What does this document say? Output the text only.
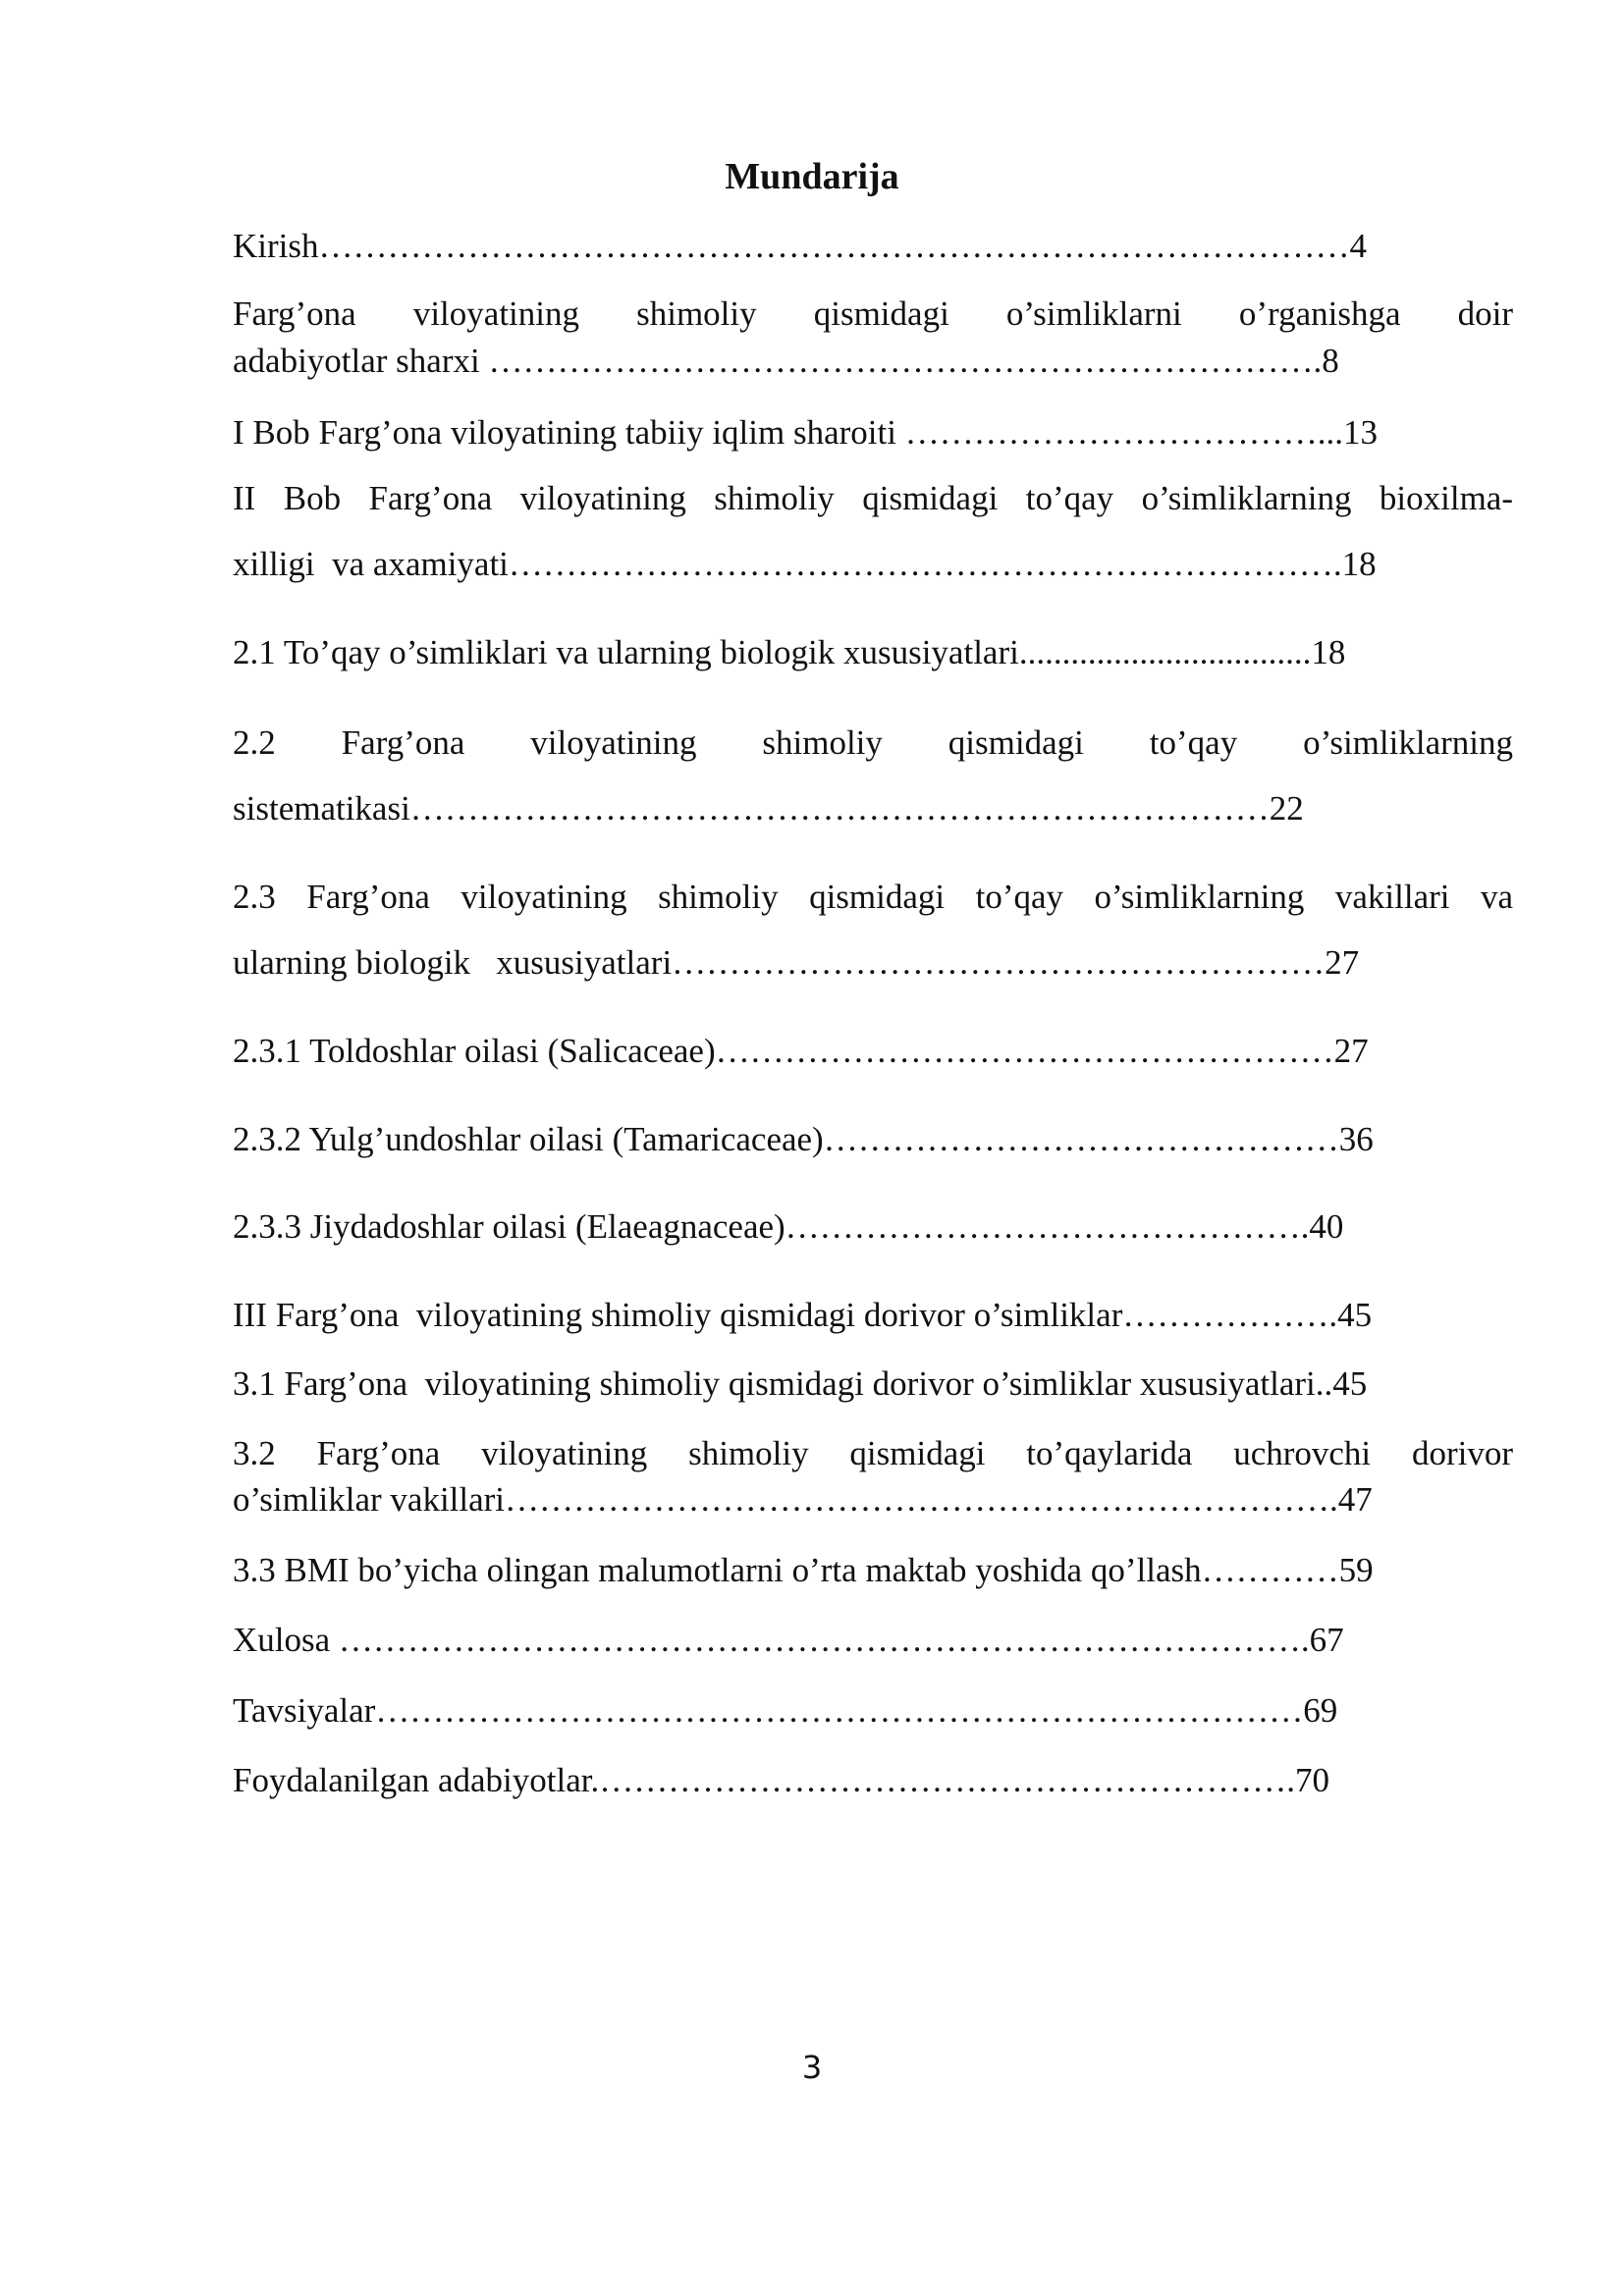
Mundarija
Kirish………………………………………………………………………………4
Farg’ona viloyatining shimoliy qismidagi o’simliklarni o’rganishga doir
adabiyotlar sharxi ……………………………………………………………….8
I Bob Farg’ona viloyatining tabiiy iqlim sharoiti ………………………………...13
II Bob Farg’ona viloyatining shimoliy qismidagi to’qay o’simliklarning bioxilma-
xilligi  va axamiyati……………………………………………………………….18
2.1 To’qay o’simliklari va ularning biologik xususiyatlari..................................18
2.2 Farg’ona viloyatining shimoliy qismidagi to’qay o’simliklarning
sistematikasi…………………………………………………………………22
2.3 Farg’ona viloyatining shimoliy qismidagi to’qay o’simliklarning vakillari va
ularning biologik   xususiyatlari…………………………………………………27
2.3.1 Toldoshlar oilasi (Salicaceae)………………………………………………27
2.3.2 Yulg’undoshlar oilasi (Tamaricaceae)………………………………………36
2.3.3 Jiydadoshlar oilasi (Elaeagnaceae)……………………………………….40
III Farg’ona  viloyatining shimoliy qismidagi dorivor o’simliklar……………….45
3.1 Farg’ona  viloyatining shimoliy qismidagi dorivor o’simliklar xususiyatlari..45
3.2 Farg’ona viloyatining shimoliy qismidagi to’qaylarida uchrovchi dorivor
o’simliklar vakillari……………………………………………………………….47
3.3 BMI bo’yicha olingan malumotlarni o’rta maktab yoshida qo’llash…………59
Xulosa ………………………………………………………………………….67
Tavsiyalar………………………………………………………………………69
Foydalanilgan adabiyotlar.…………………………………………………….70
3
